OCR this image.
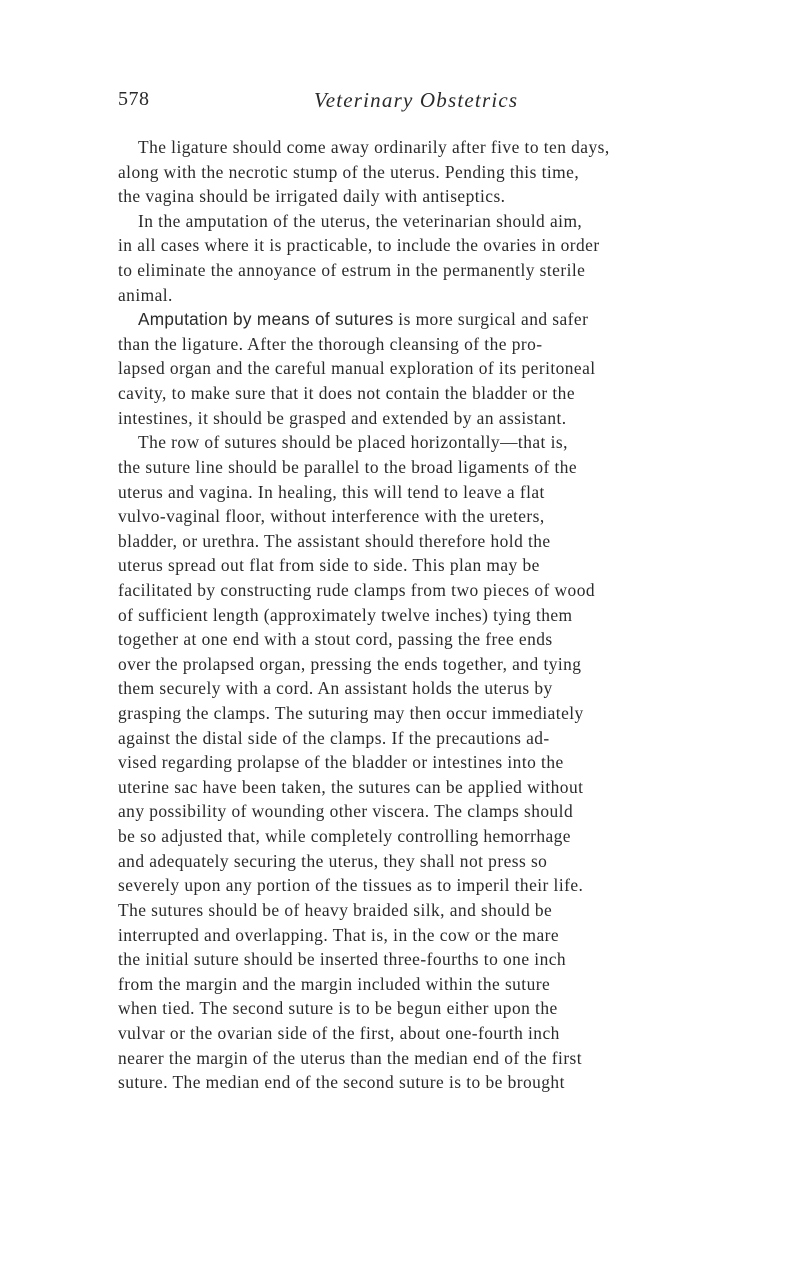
578	Veterinary Obstetrics
The ligature should come away ordinarily after five to ten days,
along with the necrotic stump of the uterus. Pending this time,
the vagina should be irrigated daily with antiseptics.
In the amputation of the uterus, the veterinarian should aim,
in all cases where it is practicable, to include the ovaries in order
to eliminate the annoyance of estrum in the permanently sterile
animal.
Amputation by means of sutures is more surgical and safer
than the ligature. After the thorough cleansing of the pro-
lapsed organ and the careful manual exploration of its peritoneal
cavity, to make sure that it does not contain the bladder or the
intestines, it should be grasped and extended by an assistant.
The row of sutures should be placed horizontally—that is,
the suture line should be parallel to the broad ligaments of the
uterus and vagina. In healing, this will tend to leave a flat
vulvo-vaginal floor, without interference with the ureters,
bladder, or urethra. The assistant should therefore hold the
uterus spread out flat from side to side. This plan may be
facilitated by constructing rude clamps from two pieces of wood
of sufficient length (approximately twelve inches) tying them
together at one end with a stout cord, passing the free ends
over the prolapsed organ, pressing the ends together, and tying
them securely with a cord. An assistant holds the uterus by
grasping the clamps. The suturing may then occur immediately
against the distal side of the clamps. If the precautions ad-
vised regarding prolapse of the bladder or intestines into the
uterine sac have been taken, the sutures can be applied without
any possibility of wounding other viscera. The clamps should
be so adjusted that, while completely controlling hemorrhage
and adequately securing the uterus, they shall not press so
severely upon any portion of the tissues as to imperil their life.
The sutures should be of heavy braided silk, and should be
interrupted and overlapping. That is, in the cow or the mare
the initial suture should be inserted three-fourths to one inch
from the margin and the margin included within the suture
when tied. The second suture is to be begun either upon the
vulvar or the ovarian side of the first, about one-fourth inch
nearer the margin of the uterus than the median end of the first
suture. The median end of the second suture is to be brought
